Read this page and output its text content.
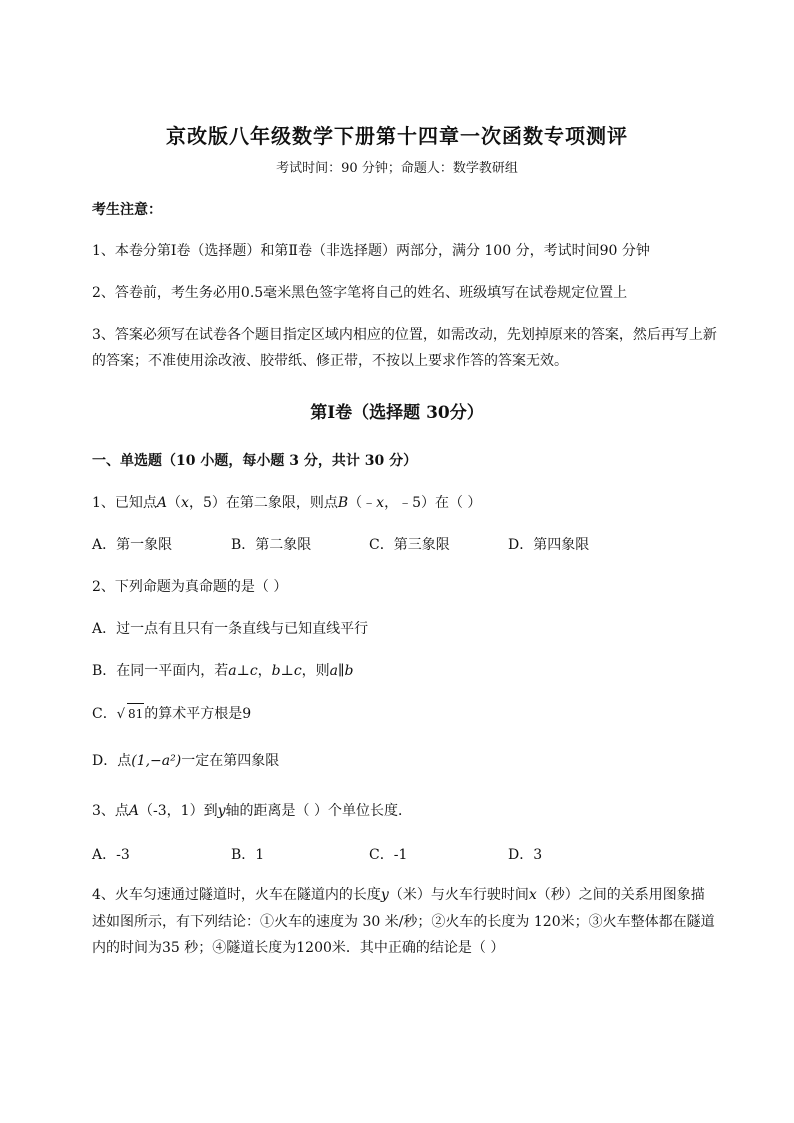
京改版八年级数学下册第十四章一次函数专项测评
考试时间：90 分钟；命题人：数学教研组
考生注意：
1、本卷分第Ⅰ卷（选择题）和第Ⅱ卷（非选择题）两部分，满分 100 分，考试时间90 分钟
2、答卷前，考生务必用0.5毫米黑色签字笔将自己的姓名、班级填写在试卷规定位置上
3、答案必须写在试卷各个题目指定区域内相应的位置，如需改动，先划掉原来的答案，然后再写上新
的答案；不准使用涂改液、胶带纸、修正带，不按以上要求作答的答案无效。
第Ⅰ卷（选择题 30分）
一、单选题（10 小题，每小题 3 分，共计 30 分）
1、已知点A（x，5）在第二象限，则点B（﹣x，﹣5）在（ ）
A．第一象限	B．第二象限	C．第三象限	D．第四象限
2、下列命题为真命题的是（ ）
A．过一点有且只有一条直线与已知直线平行
B．在同一平面内，若a⊥c，b⊥c，则a∥b
C．√ 81的算术平方根是9
D．点(1,−a²)一定在第四象限
3、点A（-3，1）到y轴的距离是（ ）个单位长度．
A．-3	B．1	C．-1	D．3
4、火车匀速通过隧道时，火车在隧道内的长度y（米）与火车行驶时间x（秒）之间的关系用图象描
述如图所示，有下列结论：①火车的速度为 30 米/秒；②火车的长度为 120米；③火车整体都在隧道
内的时间为35 秒；④隧道长度为1200米．其中正确的结论是（ ）
